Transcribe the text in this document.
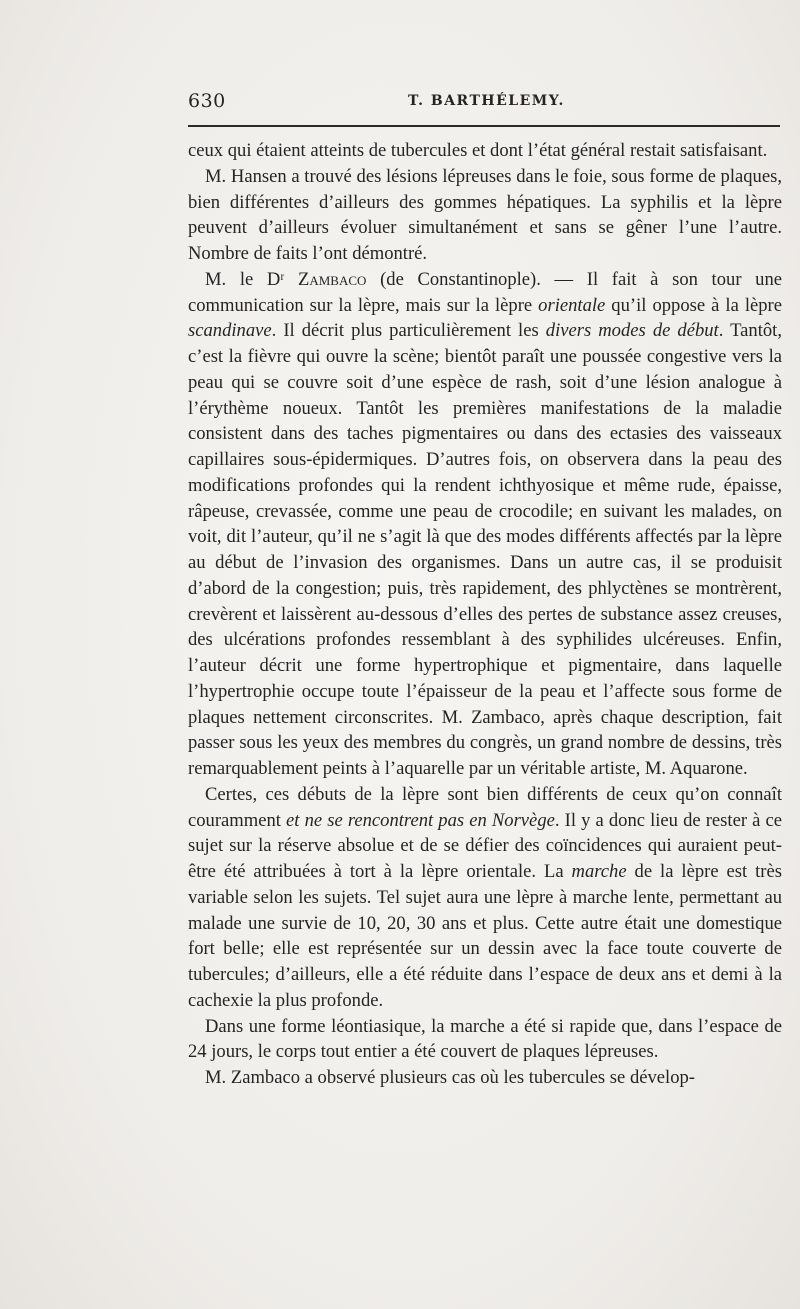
630	T. BARTHÉLEMY.

ceux qui étaient atteints de tubercules et dont l’état général restait satisfaisant.

M. Hansen a trouvé des lésions lépreuses dans le foie, sous forme de plaques, bien différentes d’ailleurs des gommes hépatiques. La syphilis et la lèpre peuvent d’ailleurs évoluer simultanément et sans se gêner l’une l’autre. Nombre de faits l’ont démontré.

M. le Dʳ Zambaco (de Constantinople). — Il fait à son tour une communication sur la lèpre, mais sur la lèpre orientale qu’il oppose à la lèpre scandinave. Il décrit plus particulièrement les divers modes de début. Tantôt, c’est la fièvre qui ouvre la scène; bientôt paraît une poussée congestive vers la peau qui se couvre soit d’une espèce de rash, soit d’une lésion analogue à l’érythème noueux. Tantôt les premières manifestations de la maladie consistent dans des taches pigmentaires ou dans des ectasies des vaisseaux capillaires sous-épidermiques. D’autres fois, on observera dans la peau des modifications profondes qui la rendent ichthyosique et même rude, épaisse, râpeuse, crevassée, comme une peau de crocodile; en suivant les malades, on voit, dit l’auteur, qu’il ne s’agit là que des modes différents affectés par la lèpre au début de l’invasion des organismes. Dans un autre cas, il se produisit d’abord de la congestion; puis, très rapidement, des phlyctènes se montrèrent, crevèrent et laissèrent au-dessous d’elles des pertes de substance assez creuses, des ulcérations profondes ressemblant à des syphilides ulcéreuses. Enfin, l’auteur décrit une forme hypertrophique et pigmentaire, dans laquelle l’hypertrophie occupe toute l’épaisseur de la peau et l’affecte sous forme de plaques nettement circonscrites. M. Zambaco, après chaque description, fait passer sous les yeux des membres du congrès, un grand nombre de dessins, très remarquablement peints à l’aquarelle par un véritable artiste, M. Aquarone.

Certes, ces débuts de la lèpre sont bien différents de ceux qu’on connaît couramment et ne se rencontrent pas en Norvège. Il y a donc lieu de rester à ce sujet sur la réserve absolue et de se défier des coïncidences qui auraient peut-être été attribuées à tort à la lèpre orientale. La marche de la lèpre est très variable selon les sujets. Tel sujet aura une lèpre à marche lente, permettant au malade une survie de 10, 20, 30 ans et plus. Cette autre était une domestique fort belle; elle est représentée sur un dessin avec la face toute couverte de tubercules; d’ailleurs, elle a été réduite dans l’espace de deux ans et demi à la cachexie la plus profonde.

Dans une forme léontiasique, la marche a été si rapide que, dans l’espace de 24 jours, le corps tout entier a été couvert de plaques lépreuses.

M. Zambaco a observé plusieurs cas où les tubercules se dévelop-
